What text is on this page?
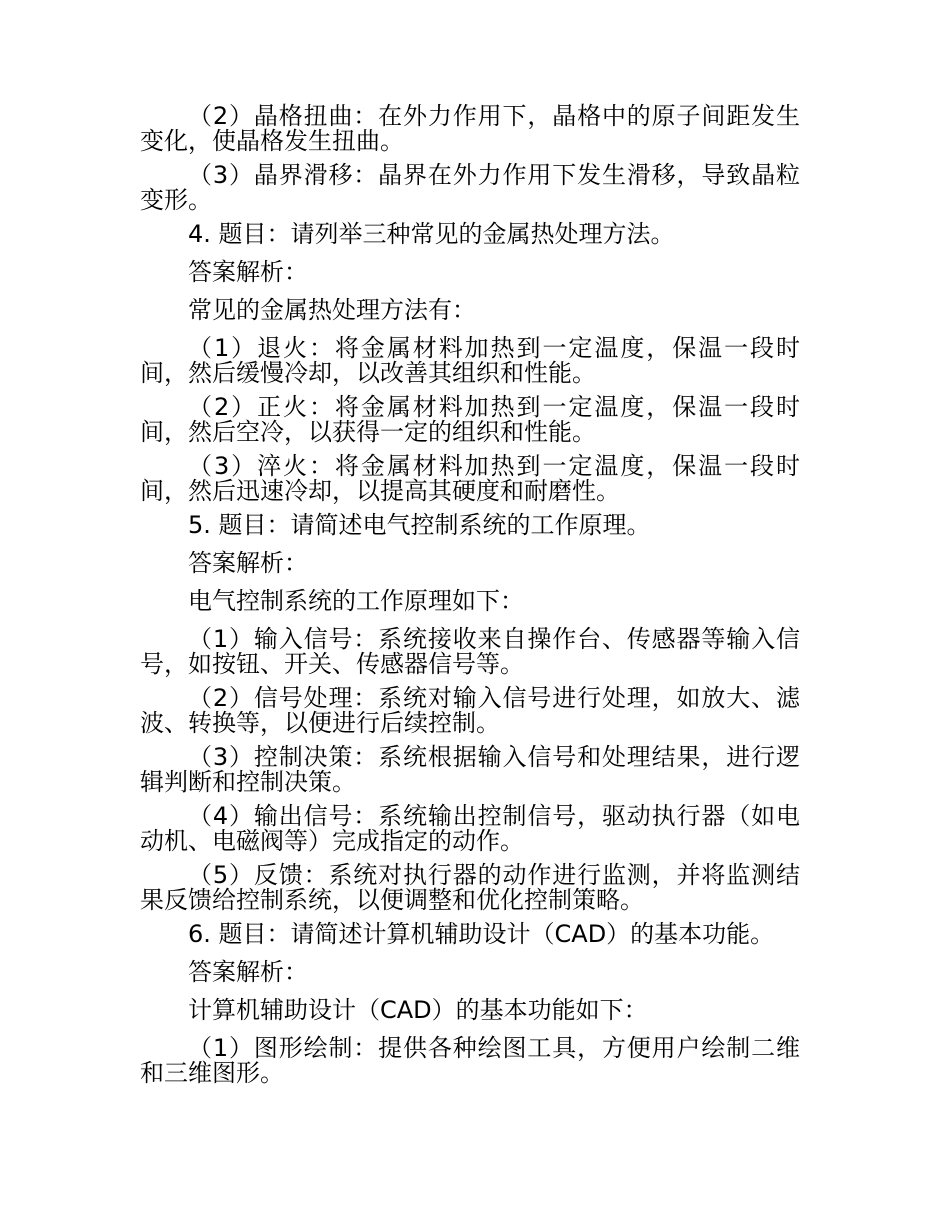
（2）晶格扭曲：在外力作用下，晶格中的原子间距发生变化，使晶格发生扭曲。

（3）晶界滑移：晶界在外力作用下发生滑移，导致晶粒变形。

4. 题目：请列举三种常见的金属热处理方法。

答案解析：

常见的金属热处理方法有：

（1）退火：将金属材料加热到一定温度，保温一段时间，然后缓慢冷却，以改善其组织和性能。

（2）正火：将金属材料加热到一定温度，保温一段时间，然后空冷，以获得一定的组织和性能。

（3）淬火：将金属材料加热到一定温度，保温一段时间，然后迅速冷却，以提高其硬度和耐磨性。

5. 题目：请简述电气控制系统的工作原理。

答案解析：

电气控制系统的工作原理如下：

（1）输入信号：系统接收来自操作台、传感器等输入信号，如按钮、开关、传感器信号等。

（2）信号处理：系统对输入信号进行处理，如放大、滤波、转换等，以便进行后续控制。

（3）控制决策：系统根据输入信号和处理结果，进行逻辑判断和控制决策。

（4）输出信号：系统输出控制信号，驱动执行器（如电动机、电磁阀等）完成指定的动作。

（5）反馈：系统对执行器的动作进行监测，并将监测结果反馈给控制系统，以便调整和优化控制策略。

6. 题目：请简述计算机辅助设计（CAD）的基本功能。

答案解析：

计算机辅助设计（CAD）的基本功能如下：

（1）图形绘制：提供各种绘图工具，方便用户绘制二维和三维图形。
